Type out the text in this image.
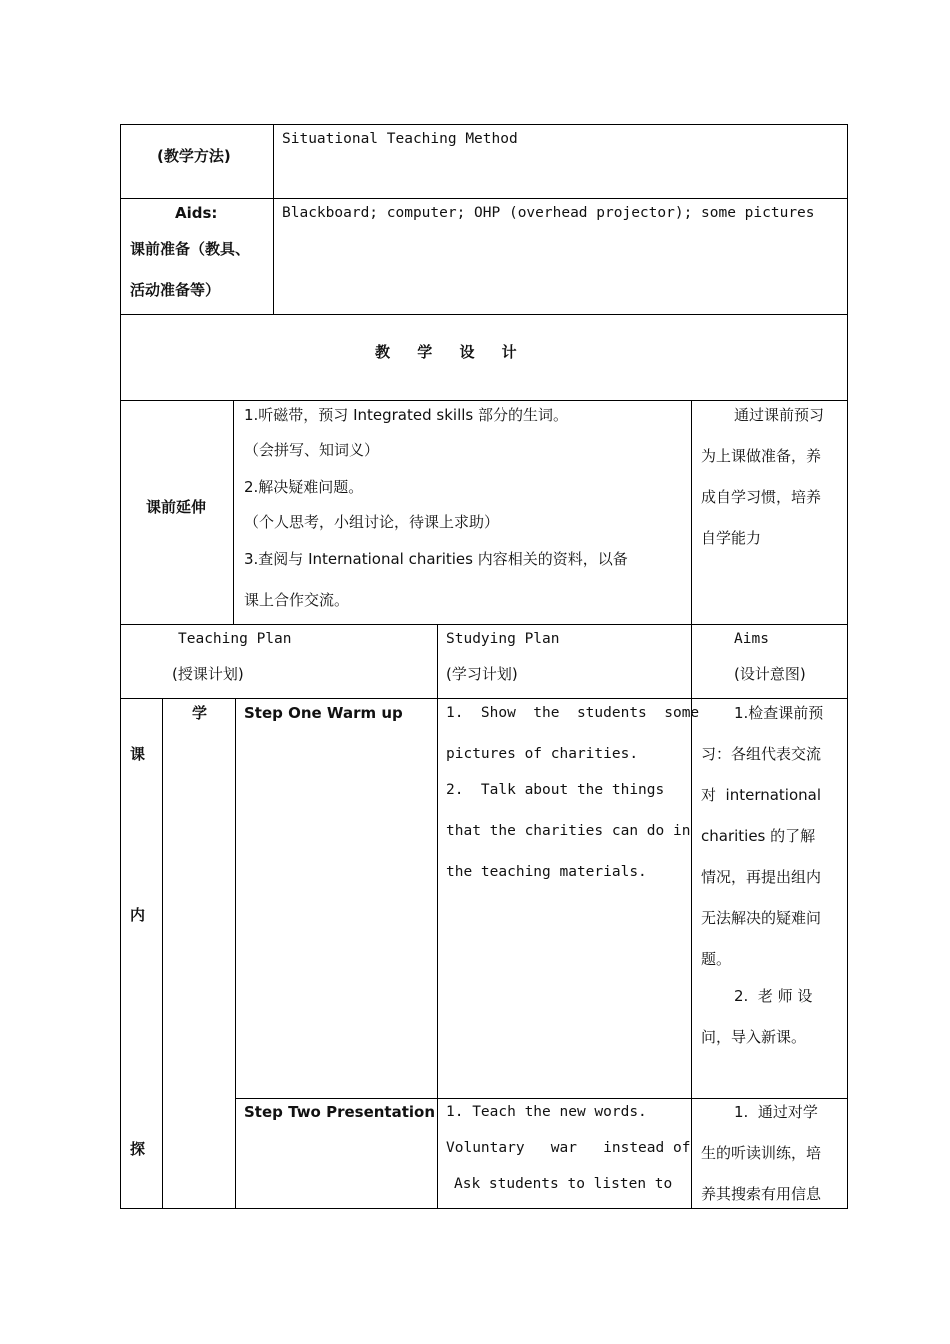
(教学方法)
Situational Teaching Method
Aids:
课前准备（教具、
活动准备等）
Blackboard; computer; OHP (overhead projector); some pictures
教 学 设 计
课前延伸
1.听磁带，预习 Integrated skills 部分的生词。
（会拼写、知词义）
2.解决疑难问题。
（个人思考，小组讨论，待课上求助）
3.查阅与 International charities 内容相关的资料，以备
课上合作交流。
通过课前预习
为上课做准备，养
成自学习惯，培养
自学能力
Teaching Plan
(授课计划)
Studying Plan
(学习计划)
Aims
(设计意图)
课
内
探
学 Step One Warm up	1.  Show  the  students  some
pictures of charities.
2.  Talk about the things
that the charities can do in
the teaching materials.
1.检查课前预
习：各组代表交流
对  international
charities 的了解
情况，再提出组内
无法解决的疑难问
题。
2.  老 师 设
问，导入新课。
Step Two Presentation 1. Teach the new words.
Voluntary   war   instead of
Ask students to listen to
1.  通过对学
生的听读训练，培
养其搜索有用信息
